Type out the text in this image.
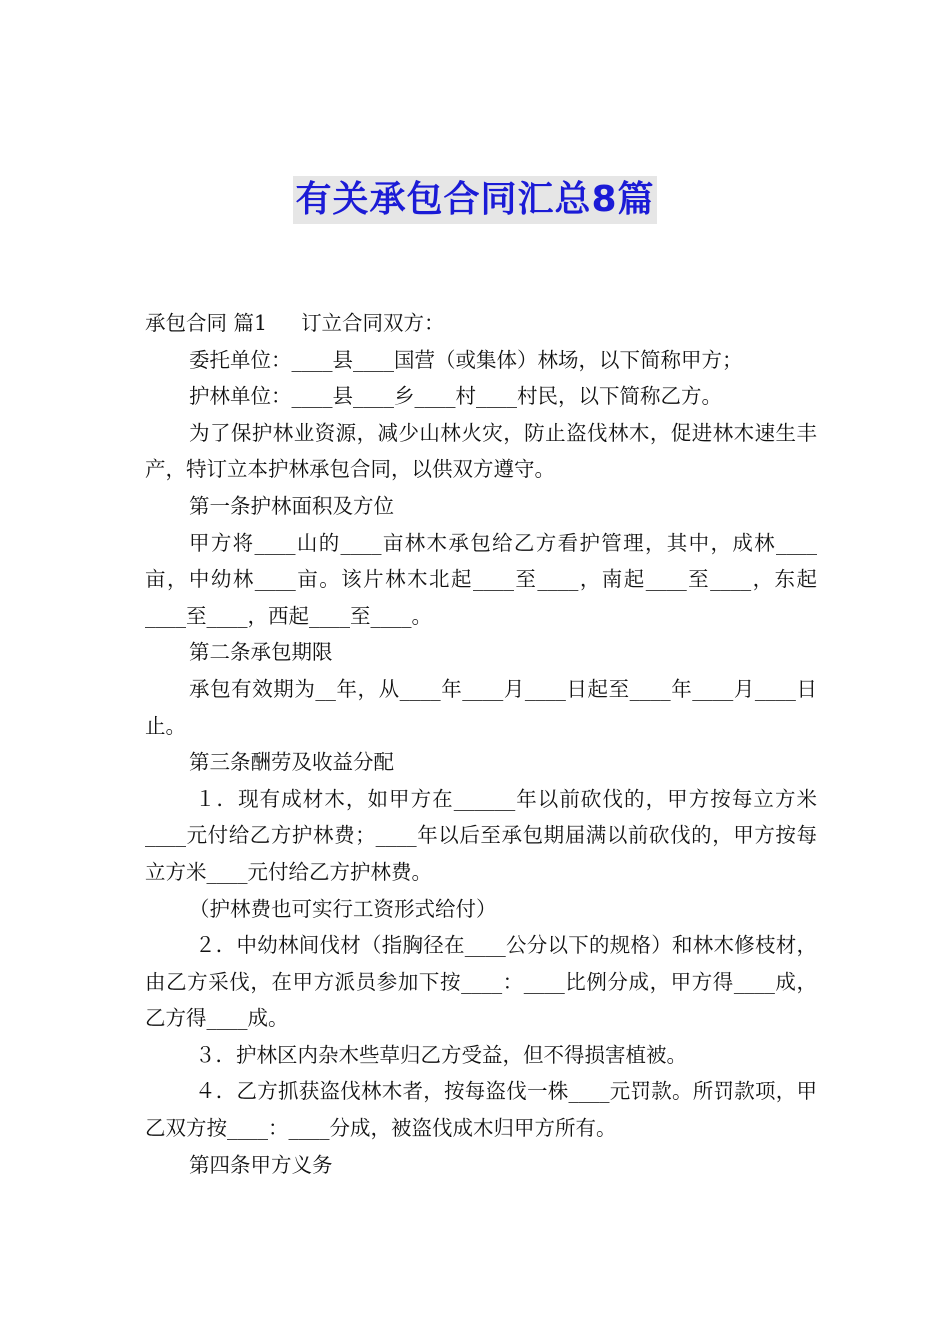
有关承包合同汇总8篇

承包合同 篇1 订立合同双方：

委托单位：____县____国营（或集体）林场，以下简称甲方；

护林单位：____县____乡____村____村民，以下简称乙方。

为了保护林业资源，减少山林火灾，防止盗伐林木，促进林木速生丰产，特订立本护林承包合同，以供双方遵守。

第一条护林面积及方位

甲方将____山的____亩林木承包给乙方看护管理，其中，成林____亩，中幼林____亩。该片林木北起____至____，南起____至____，东起____至____，西起____至____。

第二条承包期限

承包有效期为__年，从____年____月____日起至____年____月____日止。

第三条酬劳及收益分配

１．现有成材木，如甲方在______年以前砍伐的，甲方按每立方米____元付给乙方护林费；____年以后至承包期届满以前砍伐的，甲方按每立方米____元付给乙方护林费。

（护林费也可实行工资形式给付）

２．中幼林间伐材（指胸径在____公分以下的规格）和林木修枝材，由乙方采伐，在甲方派员参加下按____：____比例分成，甲方得____成，乙方得____成。

３．护林区内杂木些草归乙方受益，但不得损害植被。

４．乙方抓获盗伐林木者，按每盗伐一株____元罚款。所罚款项，甲乙双方按____：____分成，被盗伐成木归甲方所有。

第四条甲方义务
